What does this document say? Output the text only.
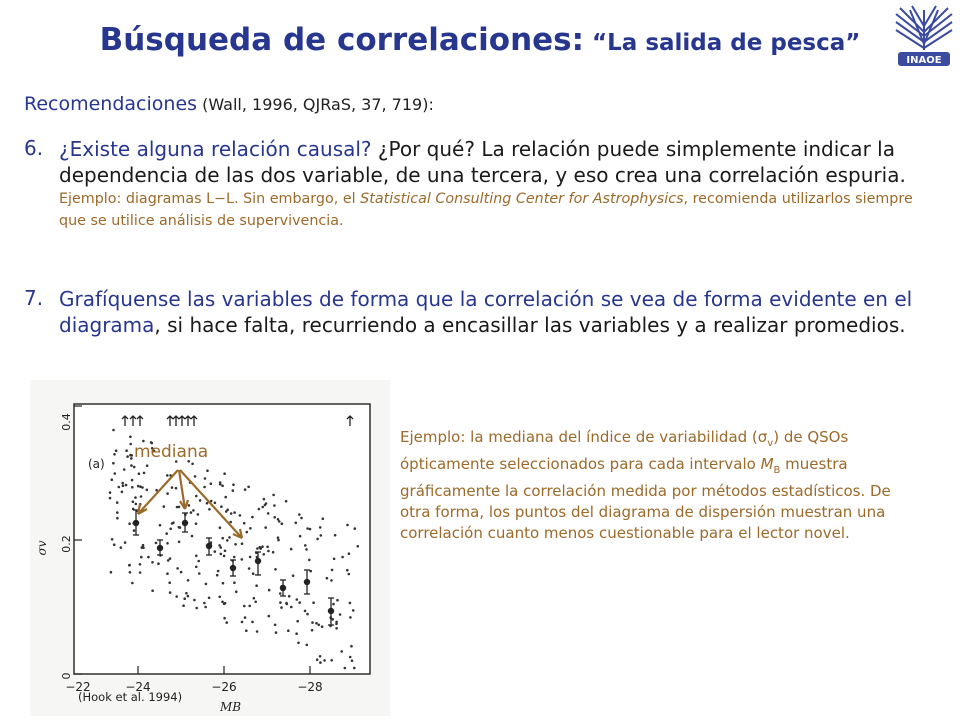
Búsqueda de correlaciones: “La salida de pesca”
INAOE
Recomendaciones (Wall, 1996, QJRaS, 37, 719):
6. ¿Existe alguna relación causal? ¿Por qué? La relación puede simplemente indicar la dependencia de las dos variable, de una tercera, y eso crea una correlación espuria.
Ejemplo: diagramas L−L. Sin embargo, el Statistical Consulting Center for Astrophysics, recomienda utilizarlos siempre que se utilice análisis de supervivencia.
7. Grafíquense las variables de forma que la correlación se vea de forma evidente en el diagrama, si hace falta, recurriendo a encasillar las variables y a realizar promedios.
(a)
0.2
0
0.4
σv
−22	−24	−26	−28
MB
mediana
(Hook et al. 1994)
Ejemplo: la mediana del índice de variabilidad $(\sigma_v)$ de QSOs ópticamente seleccionados para cada intervalo $M_B$ muestra gráficamente la correlación medida por métodos estadísticos. De otra forma, los puntos del diagrama de dispersión muestran una correlación cuanto menos cuestionable para el lector novel.
